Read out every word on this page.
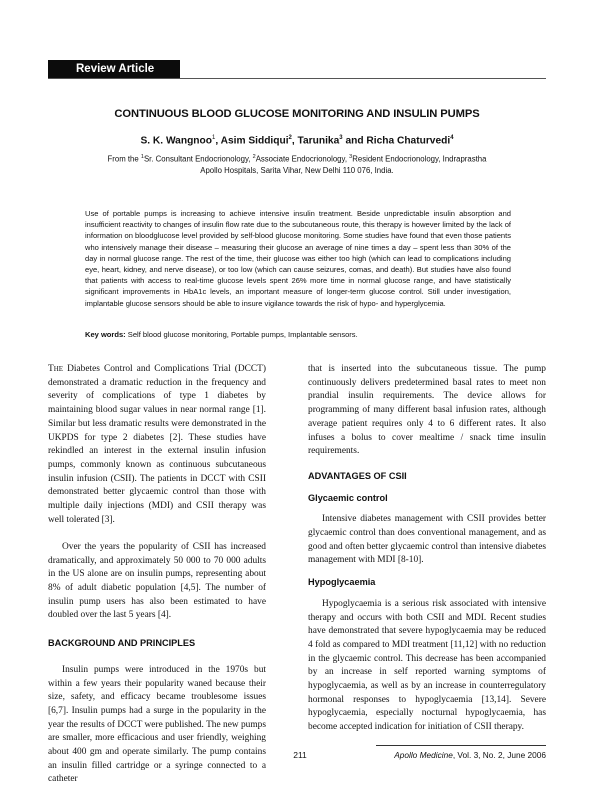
Review Article
CONTINUOUS BLOOD GLUCOSE MONITORING AND INSULIN PUMPS
S. K. Wangnoo$^1$, Asim Siddiqui$^2$, Tarunika$^3$ and Richa Chaturvedi$^4$
From the $^1$Sr. Consultant Endocrionology, $^2$Associate Endocrionology, $^3$Resident Endocrionology, Indraprastha
Apollo Hospitals, Sarita Vihar, New Delhi 110 076, India.
Use of portable pumps is increasing to achieve intensive insulin treatment. Beside unpredictable insulin absorption and insufficient reactivity to changes of insulin flow rate due to the subcutaneous route, this therapy is however limited by the lack of information on bloodglucose level provided by self-blood glucose monitoring. Some studies have found that even those patients who intensively manage their disease – measuring their glucose an average of nine times a day – spent less than 30% of the day in normal glucose range. The rest of the time, their glucose was either too high (which can lead to complications including eye, heart, kidney, and nerve disease), or too low (which can cause seizures, comas, and death). But studies have also found that patients with access to real-time glucose levels spent 26% more time in normal glucose range, and have statistically significant improvements in HbA1c levels, an important measure of longer-term glucose control. Still under investigation, implantable glucose sensors should be able to insure vigilance towards the risk of hypo- and hyperglycemia.
Key words: Self blood glucose monitoring, Portable pumps, Implantable sensors.

The Diabetes Control and Complications Trial (DCCT) demonstrated a dramatic reduction in the frequency and severity of complications of type 1 diabetes by maintaining blood sugar values in near normal range [1]. Similar but less dramatic results were demonstrated in the UKPDS for type 2 diabetes [2]. These studies have rekindled an interest in the external insulin infusion pumps, commonly known as continuous subcutaneous insulin infusion (CSII). The patients in DCCT with CSII demonstrated better glycaemic control than those with multiple daily injections (MDI) and CSII therapy was well tolerated [3].

Over the years the popularity of CSII has increased dramatically, and approximately 50 000 to 70 000 adults in the US alone are on insulin pumps, representing about 8% of adult diabetic population [4,5]. The number of insulin pump users has also been estimated to have doubled over the last 5 years [4].

BACKGROUND AND PRINCIPLES

Insulin pumps were introduced in the 1970s but within a few years their popularity waned because their size, safety, and efficacy became troublesome issues [6,7]. Insulin pumps had a surge in the popularity in the year the results of DCCT were published. The new pumps are smaller, more efficacious and user friendly, weighing about 400 gm and operate similarly. The pump contains an insulin filled cartridge or a syringe connected to a catheter

that is inserted into the subcutaneous tissue. The pump continuously delivers predetermined basal rates to meet non prandial insulin requirements. The device allows for programming of many different basal infusion rates, although average patient requires only 4 to 6 different rates. It also infuses a bolus to cover mealtime / snack time insulin requirements.

ADVANTAGES OF CSII
Glycaemic control

Intensive diabetes management with CSII provides better glycaemic control than does conventional management, and as good and often better glycaemic control than intensive diabetes management with MDI [8-10].

Hypoglycaemia

Hypoglycaemia is a serious risk associated with intensive therapy and occurs with both CSII and MDI. Recent studies have demonstrated that severe hypoglycaemia may be reduced 4 fold as compared to MDI treatment [11,12] with no reduction in the glycaemic control. This decrease has been accompanied by an increase in self reported warning symptoms of hypoglycaemia, as well as by an increase in counterregulatory hormonal responses to hypoglycaemia [13,14]. Severe hypoglycaemia, especially nocturnal hypoglycaemia, has become accepted indication for initiation of CSII therapy.

211	Apollo Medicine, Vol. 3, No. 2, June 2006
